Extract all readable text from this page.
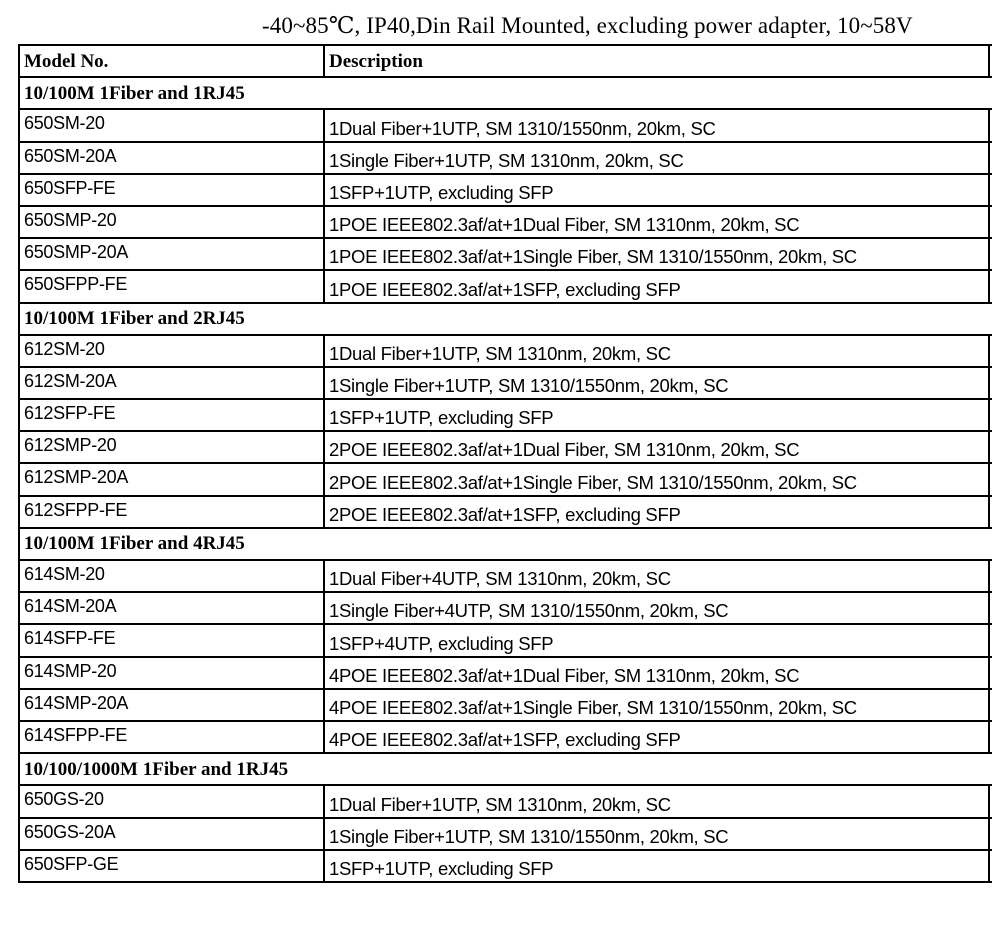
-40~85℃, IP40,Din Rail Mounted, excluding power adapter, 10~58V
Model No.	Description	
10/100M 1Fiber and 1RJ45		
650SM-20	1Dual Fiber+1UTP, SM 1310/1550nm, 20km, SC	
650SM-20A	1Single Fiber+1UTP, SM 1310nm, 20km, SC	
650SFP-FE	1SFP+1UTP, excluding SFP	
650SMP-20	1POE IEEE802.3af/at+1Dual Fiber, SM 1310nm, 20km, SC	
650SMP-20A	1POE IEEE802.3af/at+1Single Fiber, SM 1310/1550nm, 20km, SC	
650SFPP-FE	1POE IEEE802.3af/at+1SFP, excluding SFP	
10/100M 1Fiber and 2RJ45		
612SM-20	1Dual Fiber+1UTP, SM 1310nm, 20km, SC	
612SM-20A	1Single Fiber+1UTP, SM 1310/1550nm, 20km, SC	
612SFP-FE	1SFP+1UTP, excluding SFP	
612SMP-20	2POE IEEE802.3af/at+1Dual Fiber, SM 1310nm, 20km, SC	
612SMP-20A	2POE IEEE802.3af/at+1Single Fiber, SM 1310/1550nm, 20km, SC	
612SFPP-FE	2POE IEEE802.3af/at+1SFP, excluding SFP	
10/100M 1Fiber and 4RJ45		
614SM-20	1Dual Fiber+4UTP, SM 1310nm, 20km, SC	
614SM-20A	1Single Fiber+4UTP, SM 1310/1550nm, 20km, SC	
614SFP-FE	1SFP+4UTP, excluding SFP	
614SMP-20	4POE IEEE802.3af/at+1Dual Fiber, SM 1310nm, 20km, SC	
614SMP-20A	4POE IEEE802.3af/at+1Single Fiber, SM 1310/1550nm, 20km, SC	
614SFPP-FE	4POE IEEE802.3af/at+1SFP, excluding SFP	
10/100/1000M 1Fiber and 1RJ45		
650GS-20	1Dual Fiber+1UTP, SM 1310nm, 20km, SC	
650GS-20A	1Single Fiber+1UTP, SM 1310/1550nm, 20km, SC	
650SFP-GE	1SFP+1UTP, excluding SFP	
